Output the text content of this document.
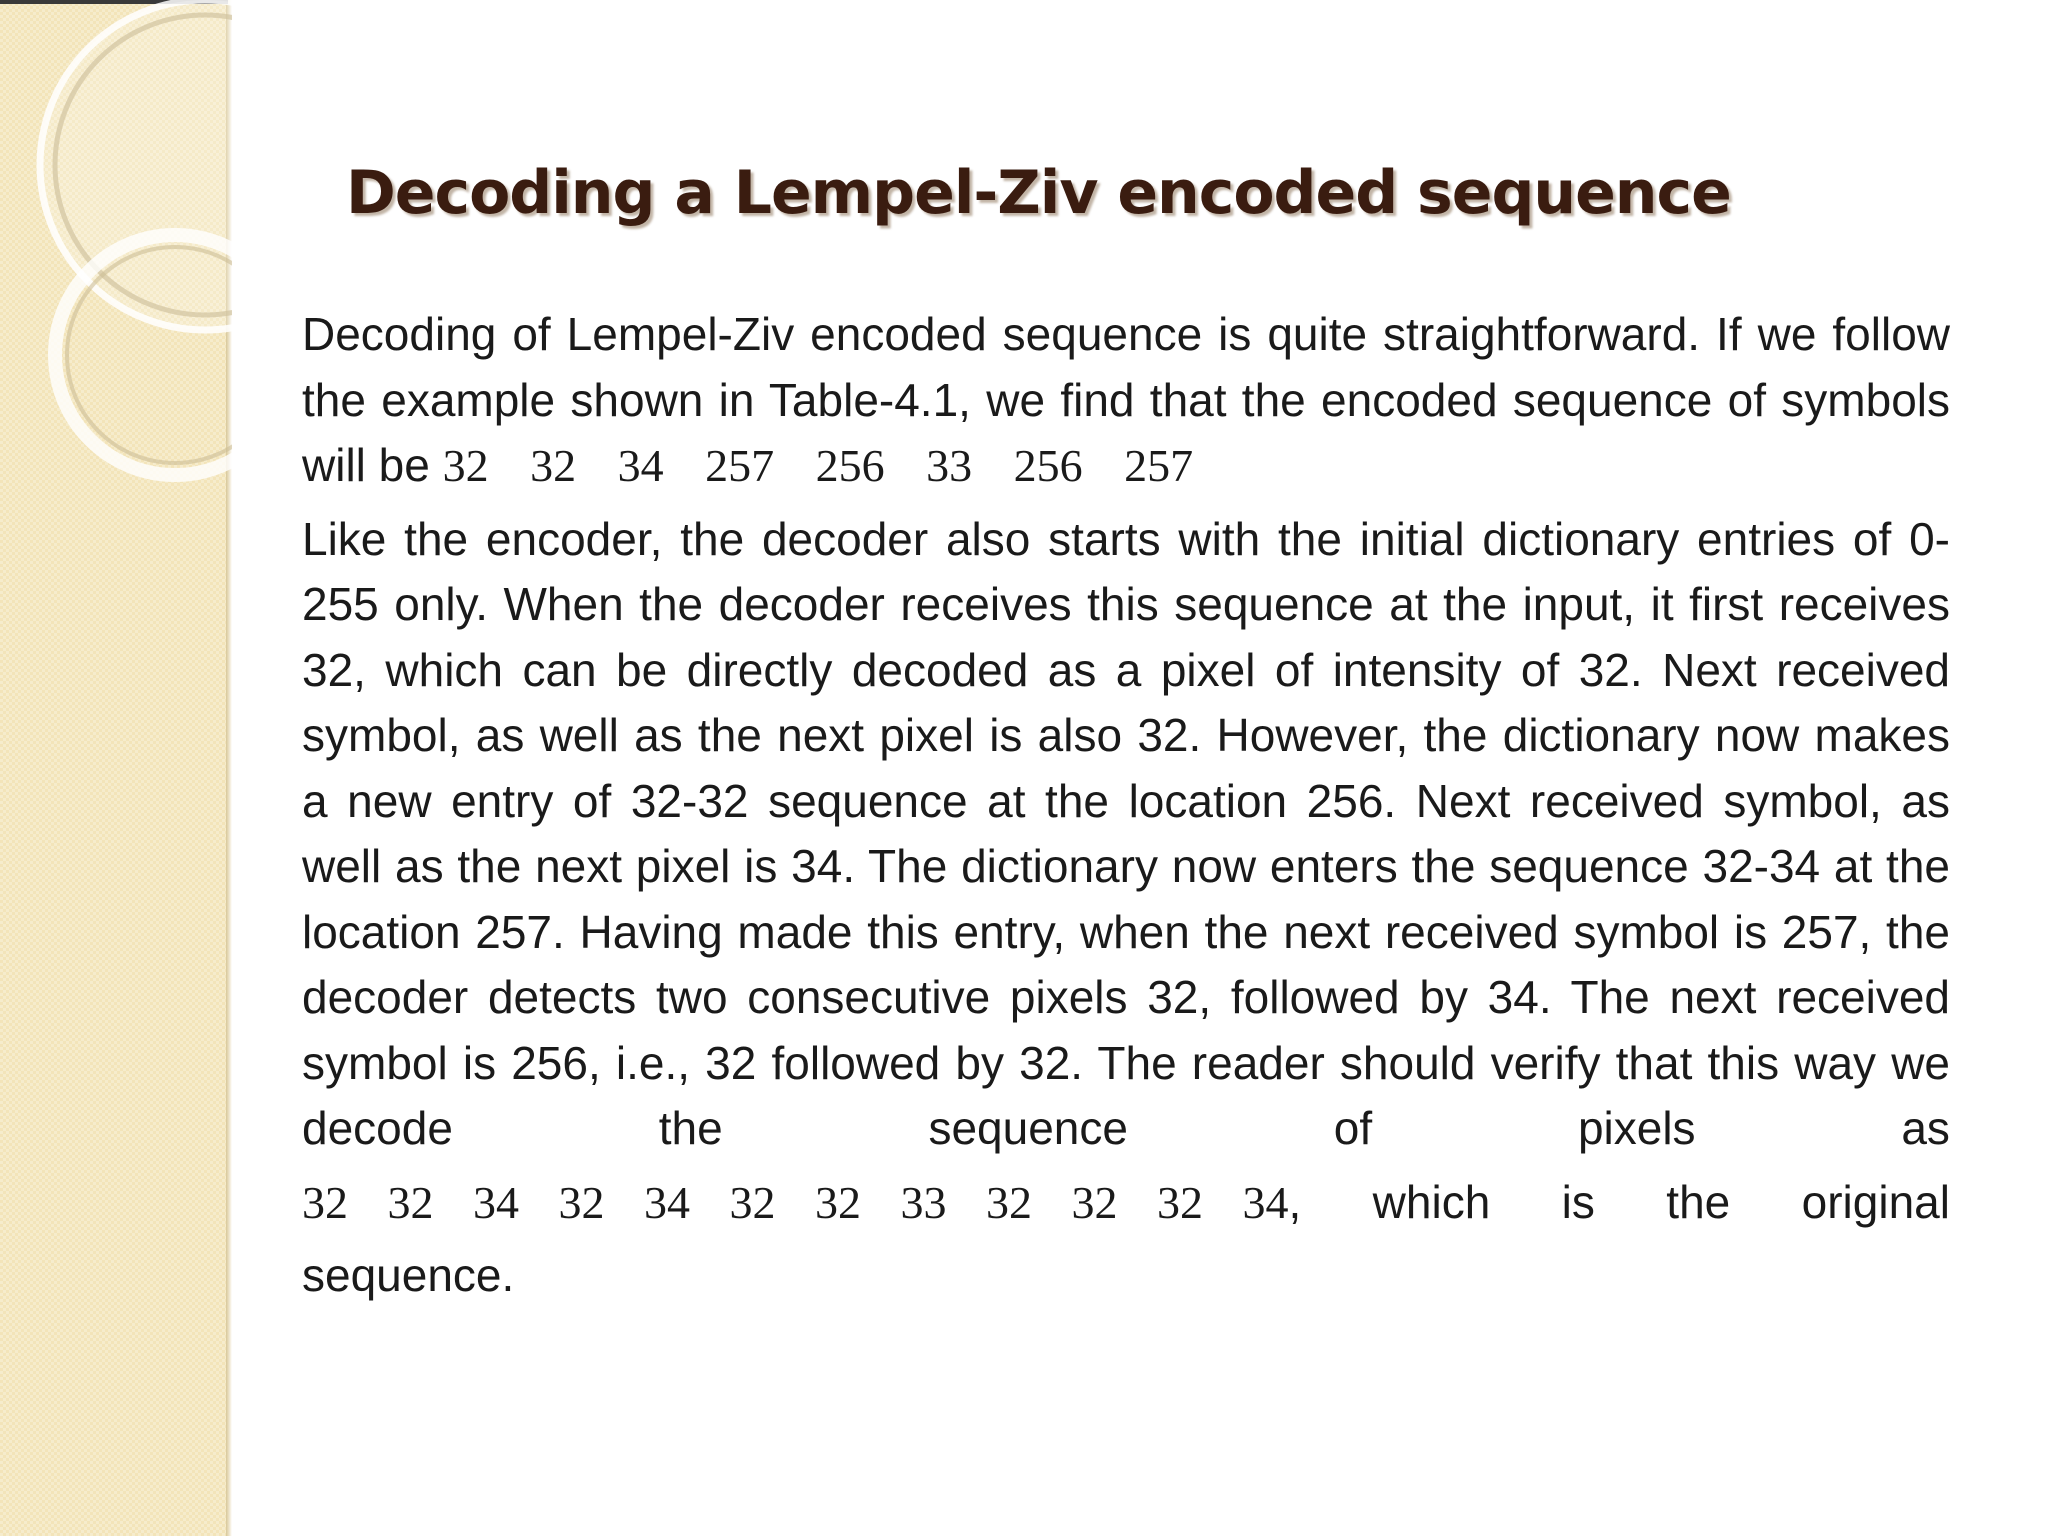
Decoding a Lempel-Ziv encoded sequence

Decoding of Lempel-Ziv encoded sequence is quite straightforward. If we follow the example shown in Table-4.1, we find that the encoded sequence of symbols will be 32 32 34 257 256 33 256 257

Like the encoder, the decoder also starts with the initial dictionary entries of 0-255 only. When the decoder receives this sequence at the input, it first receives 32, which can be directly decoded as a pixel of intensity of 32. Next received symbol, as well as the next pixel is also 32. However, the dictionary now makes a new entry of 32-32 sequence at the location 256. Next received symbol, as well as the next pixel is 34. The dictionary now enters the sequence 32-34 at the location 257. Having made this entry, when the next received symbol is 257, the decoder detects two consecutive pixels 32, followed by 34. The next received symbol is 256, i.e., 32 followed by 32. The reader should verify that this way we
decode	the	sequence	of	pixels	as
32 32 34 32 34 32 32 33 32 32 32 34, which is the original
sequence.
